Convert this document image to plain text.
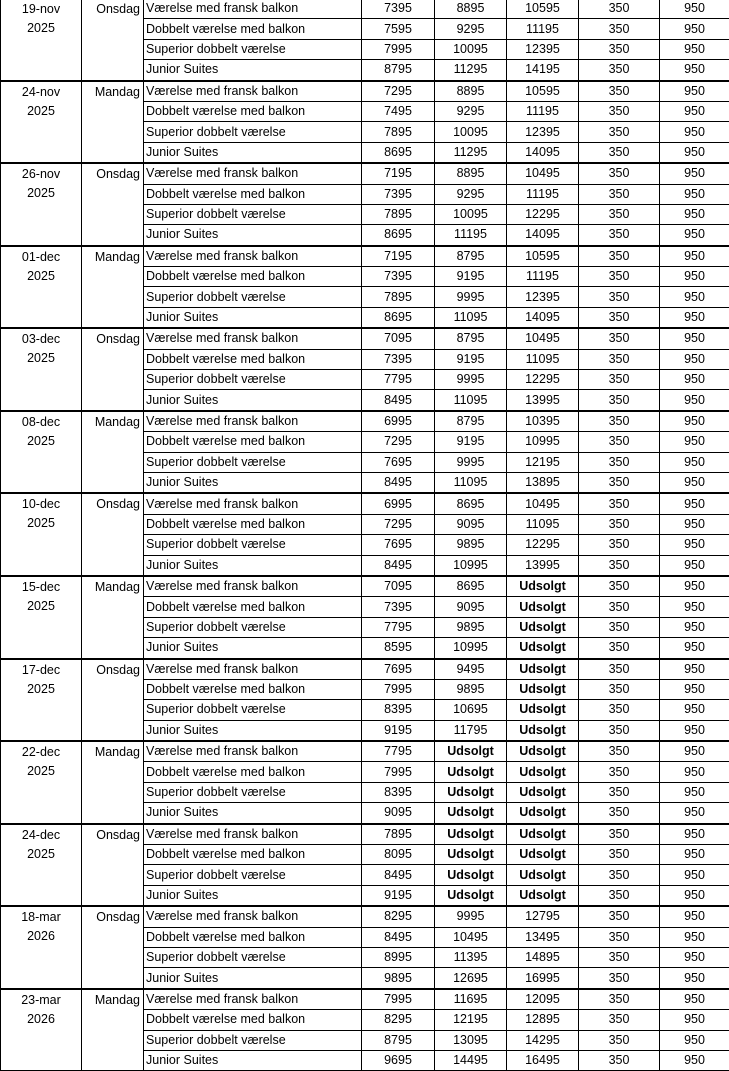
19-nov
2025	Onsdag	Værelse med fransk balkon	7395	8895	10595	350	950
		Dobbelt værelse med balkon	7595	9295	11195	350	950
		Superior dobbelt værelse	7995	10095	12395	350	950
		Junior Suites	8795	11295	14195	350	950

24-nov
2025	Mandag	Værelse med fransk balkon	7295	8895	10595	350	950
		Dobbelt værelse med balkon	7495	9295	11195	350	950
		Superior dobbelt værelse	7895	10095	12395	350	950
		Junior Suites	8695	11295	14095	350	950

26-nov
2025	Onsdag	Værelse med fransk balkon	7195	8895	10495	350	950
		Dobbelt værelse med balkon	7395	9295	11195	350	950
		Superior dobbelt værelse	7895	10095	12295	350	950
		Junior Suites	8695	11195	14095	350	950

01-dec
2025	Mandag	Værelse med fransk balkon	7195	8795	10595	350	950
		Dobbelt værelse med balkon	7395	9195	11195	350	950
		Superior dobbelt værelse	7895	9995	12395	350	950
		Junior Suites	8695	11095	14095	350	950

03-dec
2025	Onsdag	Værelse med fransk balkon	7095	8795	10495	350	950
		Dobbelt værelse med balkon	7395	9195	11095	350	950
		Superior dobbelt værelse	7795	9995	12295	350	950
		Junior Suites	8495	11095	13995	350	950

08-dec
2025	Mandag	Værelse med fransk balkon	6995	8795	10395	350	950
		Dobbelt værelse med balkon	7295	9195	10995	350	950
		Superior dobbelt værelse	7695	9995	12195	350	950
		Junior Suites	8495	11095	13895	350	950

10-dec
2025	Onsdag	Værelse med fransk balkon	6995	8695	10495	350	950
		Dobbelt værelse med balkon	7295	9095	11095	350	950
		Superior dobbelt værelse	7695	9895	12295	350	950
		Junior Suites	8495	10995	13995	350	950

15-dec
2025	Mandag	Værelse med fransk balkon	7095	8695	Udsolgt	350	950
		Dobbelt værelse med balkon	7395	9095	Udsolgt	350	950
		Superior dobbelt værelse	7795	9895	Udsolgt	350	950
		Junior Suites	8595	10995	Udsolgt	350	950

17-dec
2025	Onsdag	Værelse med fransk balkon	7695	9495	Udsolgt	350	950
		Dobbelt værelse med balkon	7995	9895	Udsolgt	350	950
		Superior dobbelt værelse	8395	10695	Udsolgt	350	950
		Junior Suites	9195	11795	Udsolgt	350	950

22-dec
2025	Mandag	Værelse med fransk balkon	7795	Udsolgt	Udsolgt	350	950
		Dobbelt værelse med balkon	7995	Udsolgt	Udsolgt	350	950
		Superior dobbelt værelse	8395	Udsolgt	Udsolgt	350	950
		Junior Suites	9095	Udsolgt	Udsolgt	350	950

24-dec
2025	Onsdag	Værelse med fransk balkon	7895	Udsolgt	Udsolgt	350	950
		Dobbelt værelse med balkon	8095	Udsolgt	Udsolgt	350	950
		Superior dobbelt værelse	8495	Udsolgt	Udsolgt	350	950
		Junior Suites	9195	Udsolgt	Udsolgt	350	950

18-mar
2026	Onsdag	Værelse med fransk balkon	8295	9995	12795	350	950
		Dobbelt værelse med balkon	8495	10495	13495	350	950
		Superior dobbelt værelse	8995	11395	14895	350	950
		Junior Suites	9895	12695	16995	350	950

23-mar
2026	Mandag	Værelse med fransk balkon	7995	11695	12095	350	950
		Dobbelt værelse med balkon	8295	12195	12895	350	950
		Superior dobbelt værelse	8795	13095	14295	350	950
		Junior Suites	9695	14495	16495	350	950
